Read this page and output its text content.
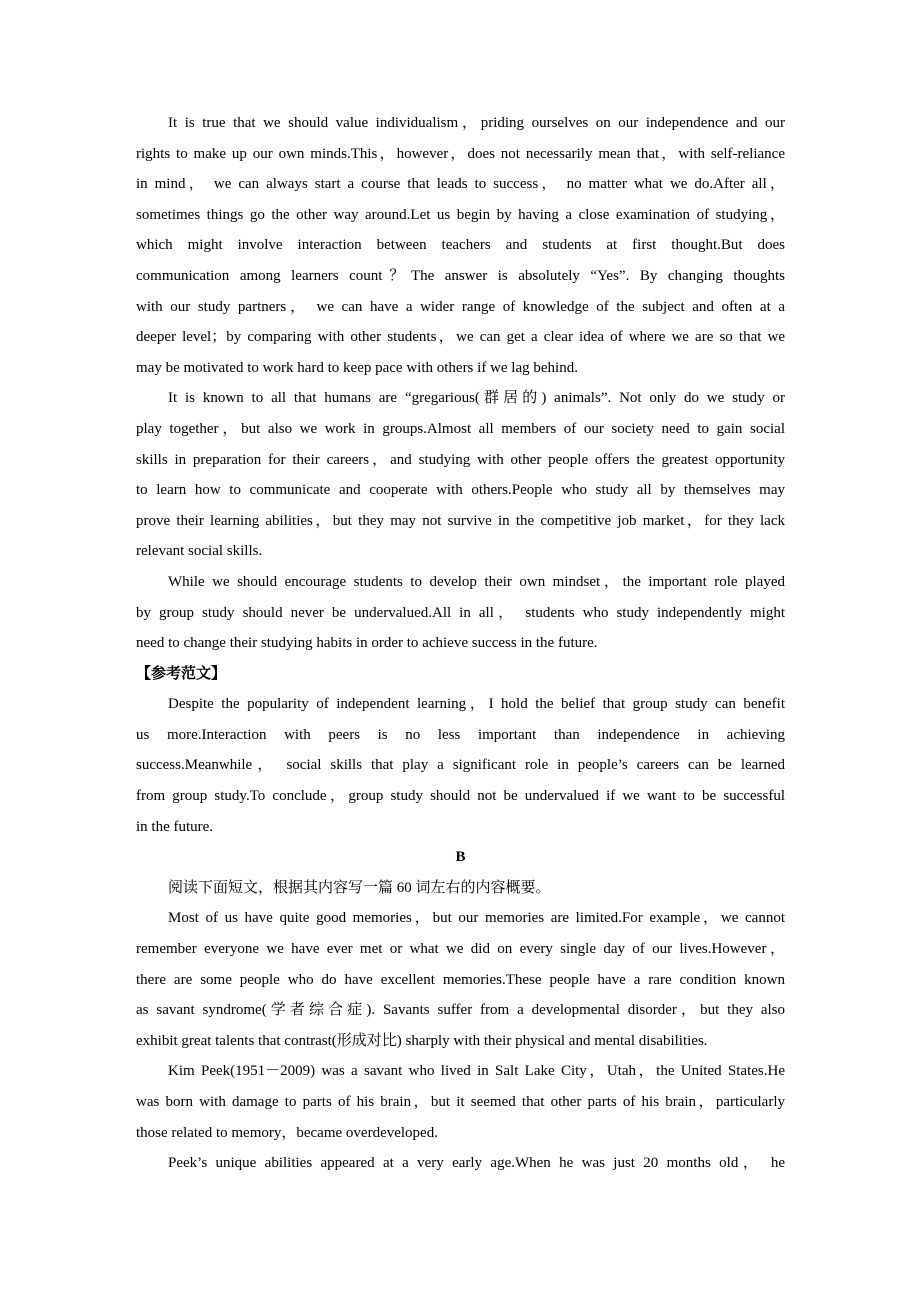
It is true that we should value individualism，priding ourselves on our independence and our
rights to make up our own minds.This，however，does not necessarily mean that，with self-reliance
in mind， we can always start a course that leads to success， no matter what we do.After all，
sometimes things go the other way around.Let us begin by having a close examination of studying，
which might involve interaction between teachers and students at first thought.But does
communication among learners count？The answer is absolutely “Yes”. By changing thoughts
with our study partners， we can have a wider range of knowledge of the subject and often at a
deeper level；by comparing with other students，we can get a clear idea of where we are so that we
may be motivated to work hard to keep pace with others if we lag behind.
It is known to all that humans are “gregarious(群居的) animals”. Not only do we study or
play together，but also we work in groups.Almost all members of our society need to gain social
skills in preparation for their careers，and studying with other people offers the greatest opportunity
to learn how to communicate and cooperate with others.People who study all by themselves may
prove their learning abilities，but they may not survive in the competitive job market，for they lack
relevant social skills.
While we should encourage students to develop their own mindset，the important role played
by group study should never be undervalued.All in all， students who study independently might
need to change their studying habits in order to achieve success in the future.
【参考范文】
Despite the popularity of independent learning，I hold the belief that group study can benefit
us more.Interaction with peers is no less important than independence in achieving
success.Meanwhile， social skills that play a significant role in people’s careers can be learned
from group study.To conclude，group study should not be undervalued if we want to be successful
in the future.
B
阅读下面短文，根据其内容写一篇 60 词左右的内容概要。
Most of us have quite good memories，but our memories are limited.For example，we cannot
remember everyone we have ever met or what we did on every single day of our lives.However，
there are some people who do have excellent memories.These people have a rare condition known
as savant syndrome(学者综合症). Savants suffer from a developmental disorder，but they also
exhibit great talents that contrast(形成对比) sharply with their physical and mental disabilities.
Kim Peek(1951－2009) was a savant who lived in Salt Lake City，Utah，the United States.He
was born with damage to parts of his brain，but it seemed that other parts of his brain，particularly
those related to memory，became overdeveloped.
Peek’s unique abilities appeared at a very early age.When he was just 20 months old， he
